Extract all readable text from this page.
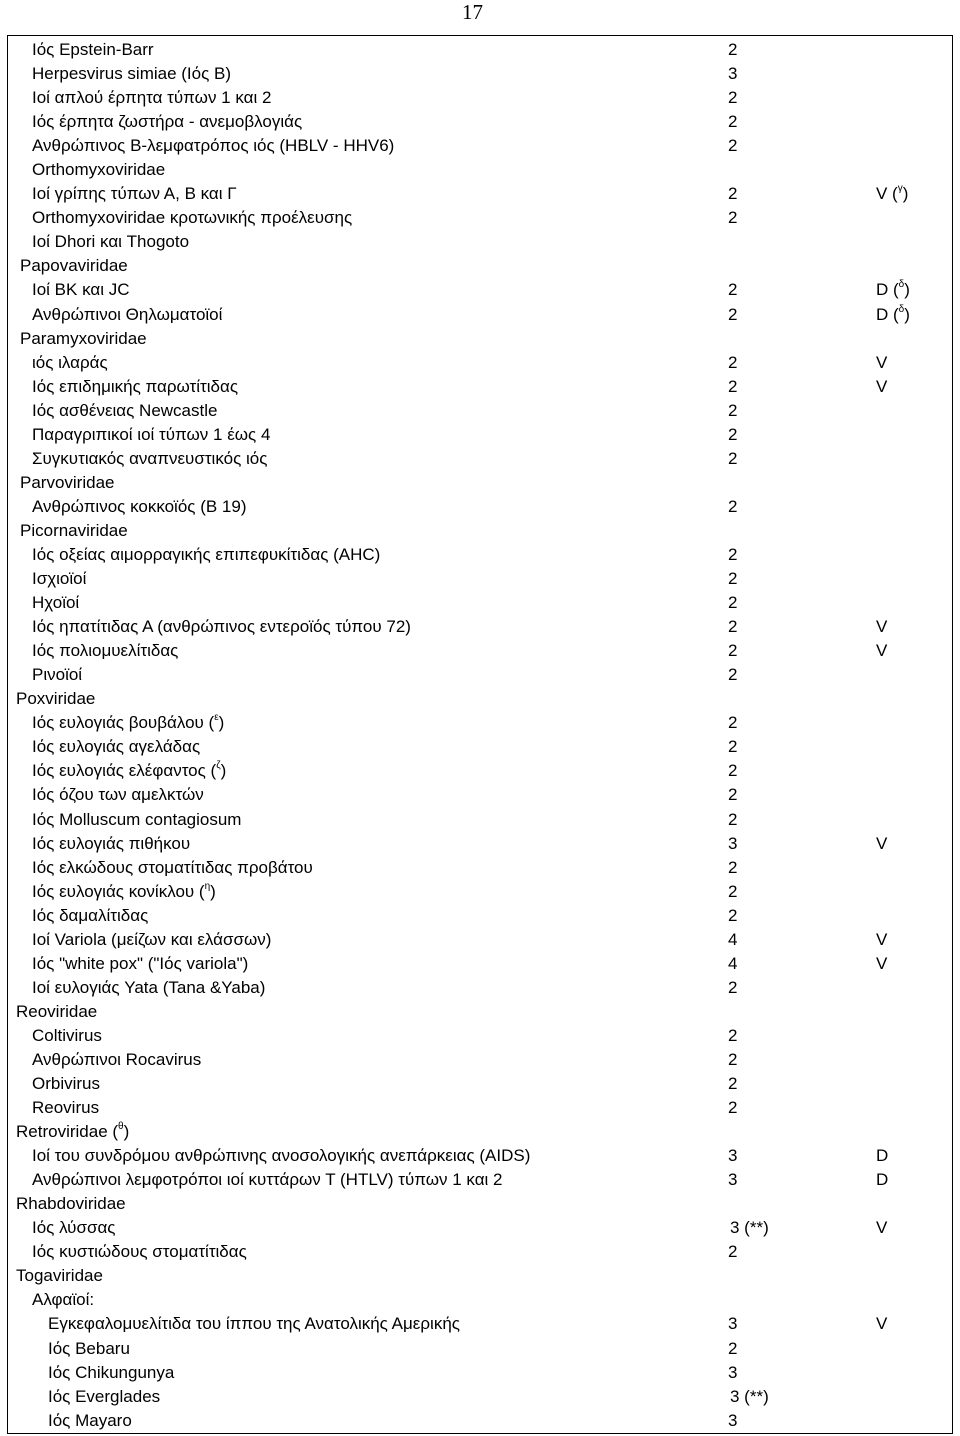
17
Ιός Epstein-Barr	2
Herpesvirus simiae (Ιός Β)	3
Ιοί απλού έρπητα τύπων 1 και 2	2
Ιός έρπητα ζωστήρα - ανεμοβλογιάς	2
Ανθρώπινος Β-λεμφατρόπος ιός (HBLV - HHV6)	2
Orthomyxoviridae
Ιοί γρίπης τύπων Α, Β και Γ	2	V ($^\gamma$)
Orthomyxoviridae κροτωνικής προέλευσης	2
Ιοί Dhori και Thogoto
Papovaviridae
Ιοί ΒΚ και JC	2	D ($^\delta$)
Ανθρώπινοι Θηλωματοϊοί	2	D ($^\delta$)
Paramyxoviridae
ιός ιλαράς	2	V
Ιός επιδημικής παρωτίτιδας	2	V
Ιός ασθένειας Newcastle	2
Παραγριπικοί ιοί τύπων 1 έως 4	2
Συγκυτιακός αναπνευστικός ιός	2
Parvoviridae
Ανθρώπινος κοκκοϊός (Β 19)	2
Picornaviridae
Ιός οξείας αιμορραγικής επιπεφυκίτιδας (AHC)	2
Ισχιοϊοί	2
Ηχοϊοί	2
Ιός ηπατίτιδας Α (ανθρώπινος εντεροϊός τύπου 72)	2	V
Ιός πολιομυελίτιδας	2	V
Ρινοϊοί	2
Poxviridae
Ιός ευλογιάς βουβάλου ($^\varepsilon$)	2
Ιός ευλογιάς αγελάδας	2
Ιός ευλογιάς ελέφαντος ($^\zeta$)	2
Ιός όζου των αμελκτών	2
Ιός Molluscum contagiosum	2
Ιός ευλογιάς πιθήκου	3	V
Ιός ελκώδους στοματίτιδας προβάτου	2
Ιός ευλογιάς κονίκλου ($^\eta$)	2
Ιός δαμαλίτιδας	2
Ιοί Variola (μείζων και ελάσσων)	4	V
Ιός "white pox" ("Ιός variola")	4	V
Ιοί ευλογιάς Yata (Tana &Yaba)	2
Reoviridae
Coltivirus	2
Ανθρώπινοι Rocavirus	2
Orbivirus	2
Reovirus	2
Retroviridae ($^\theta$)
Ιοί του συνδρόμου ανθρώπινης ανοσολογικής ανεπάρκειας (AIDS)	3	D
Ανθρώπινοι λεμφοτρόποι ιοί κυττάρων Τ (HTLV) τύπων 1 και 2	3	D
Rhabdoviridae
Ιός λύσσας	3 (**)	V
Ιός κυστιώδους στοματίτιδας	2
Togaviridae
Αλφαϊοί:
Εγκεφαλομυελίτιδα του ίππου της Ανατολικής Αμερικής	3	V
Ιός Bebaru	2
Ιός Chikungunya	3
Ιός Everglades	3 (**)
Ιός Mayaro	3
